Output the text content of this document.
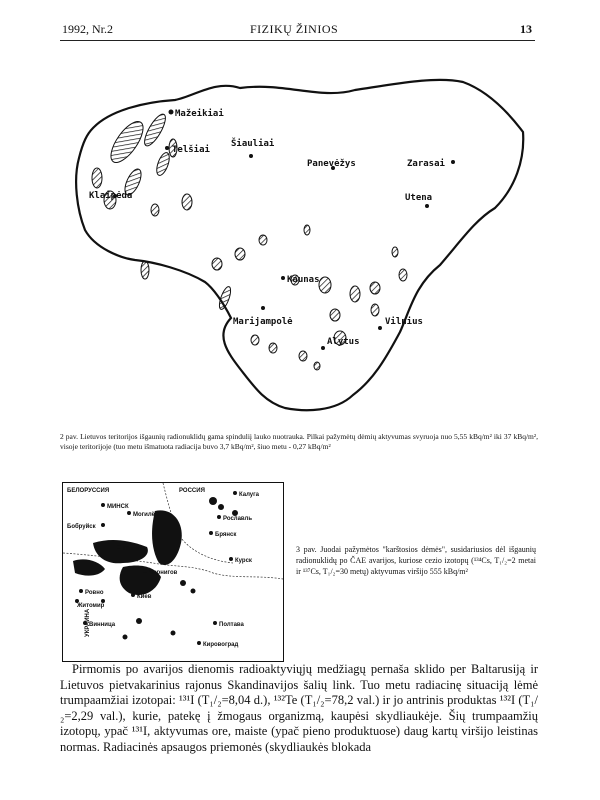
1992, Nr.2	FIZIKŲ ŽINIOS	13
Mažeikiai
Telšiai
Šiauliai
Panevėžys	Zarasai
Klaipėda	Utena
Kaunas
Marijampolė	Vilnius
Alytus
2 pav. Lietuvos teritorijos išgaunių radionuklidų gama spinduliį lauko nuotrauka. Pilkai pažymėtų dėmių aktyvumas svyruoja nuo 5,55 kBq/m² iki 37 kBq/m², visoje teritorijoje (tuo metu išmatuota radiacija buvo 3,7 kBq/m², šiuo metu - 0,27 kBq/m²
БЕЛОРУССИЯ	РОССИЯ
Калуга
МИНСК
Могилёв
Рославль
Бобруйск
Гомель
Брянск
Чернигов
Курск
Ровно
Житомир
Киев
УКРАИНА
Винница	Полтава
Кировоград
3 pav. Juodai pažymėtos "karštosios dėmės", susidariusios dėl išgaunių radionuklidų po ČAE avarijos, kuriose cezio izotopų (¹³⁴Cs, T₁/₂=2 metai ir ¹³⁷Cs, T₁/₂=30 metų) aktyvumas viršijo 555 kBq/m²

Pirmomis po avarijos dienomis radioaktyviųjų medžiagų pernaša sklido per Baltarusiją ir Lietuvos pietvakarinius rajonus Skandinavijos šalių link. Tuo metu radiacinę situaciją lėmė trumpaamžiai izotopai: ¹³¹I (T₁/₂=8,04 d.), ¹³²Te (T₁/₂=78,2 val.) ir jo antrinis produktas ¹³²I (T₁/₂=2,29 val.), kurie, patekę į žmogaus organizmą, kaupėsi skydliaukėje. Šių trumpaamžių izotopų, ypač ¹³¹I, aktyvumas ore, maiste (ypač pieno produktuose) daug kartų viršijo leistinas normas. Radiacinės apsaugos priemonės (skydliaukės blokada
